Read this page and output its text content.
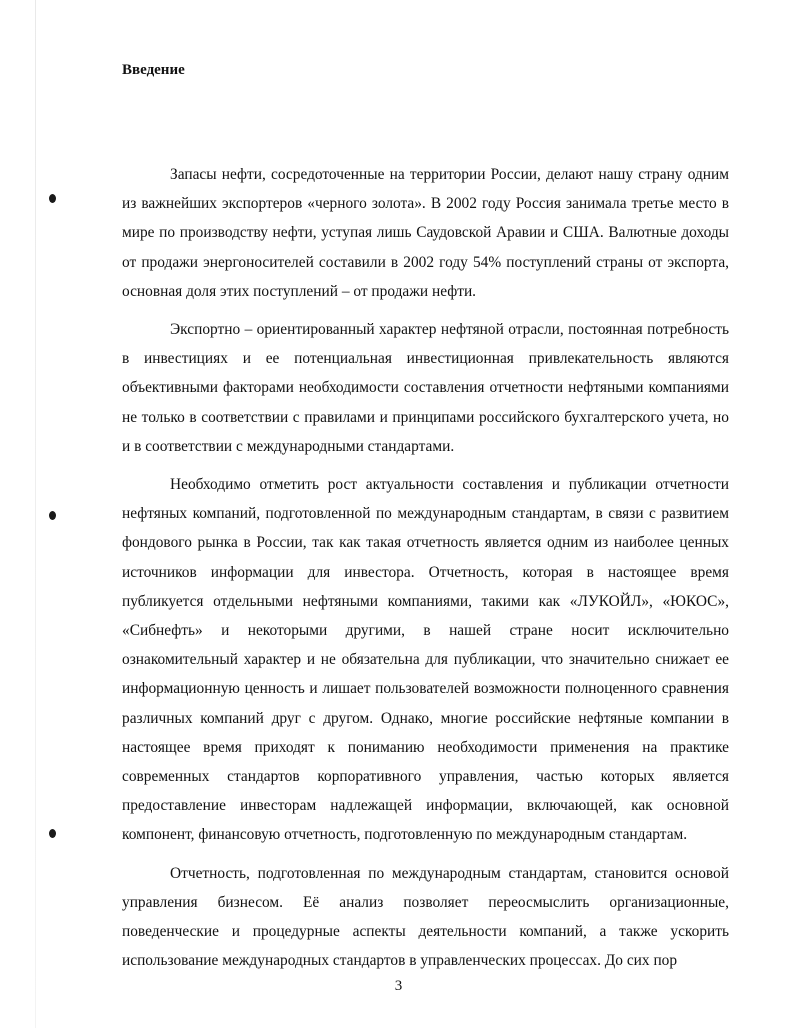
Введение

Запасы нефти, сосредоточенные на территории России, делают нашу страну одним из важнейших экспортеров «черного золота». В 2002 году Россия занимала третье место в мире по производству нефти, уступая лишь Саудовской Аравии и США. Валютные доходы от продажи энергоносителей составили в 2002 году 54% поступлений страны от экспорта, основная доля этих поступлений – от продажи нефти.

Экспортно – ориентированный характер нефтяной отрасли, постоянная потребность в инвестициях и ее потенциальная инвестиционная привлекательность являются объективными факторами необходимости составления отчетности нефтяными компаниями не только в соответствии с правилами и принципами российского бухгалтерского учета, но и в соответствии с международными стандартами.

Необходимо отметить рост актуальности составления и публикации отчетности нефтяных компаний, подготовленной по международным стандартам, в связи с развитием фондового рынка в России, так как такая отчетность является одним из наиболее ценных источников информации для инвестора. Отчетность, которая в настоящее время публикуется отдельными нефтяными компаниями, такими как «ЛУКОЙЛ», «ЮКОС», «Сибнефть» и некоторыми другими, в нашей стране носит исключительно ознакомительный характер и не обязательна для публикации, что значительно снижает ее информационную ценность и лишает пользователей возможности полноценного сравнения различных компаний друг с другом. Однако, многие российские нефтяные компании в настоящее время приходят к пониманию необходимости применения на практике современных стандартов корпоративного управления, частью которых является предоставление инвесторам надлежащей информации, включающей, как основной компонент, финансовую отчетность, подготовленную по международным стандартам.

Отчетность, подготовленная по международным стандартам, становится основой управления бизнесом. Её анализ позволяет переосмыслить организационные, поведенческие и процедурные аспекты деятельности компаний, а также ускорить использование международных стандартов в управленческих процессах. До сих пор

3
